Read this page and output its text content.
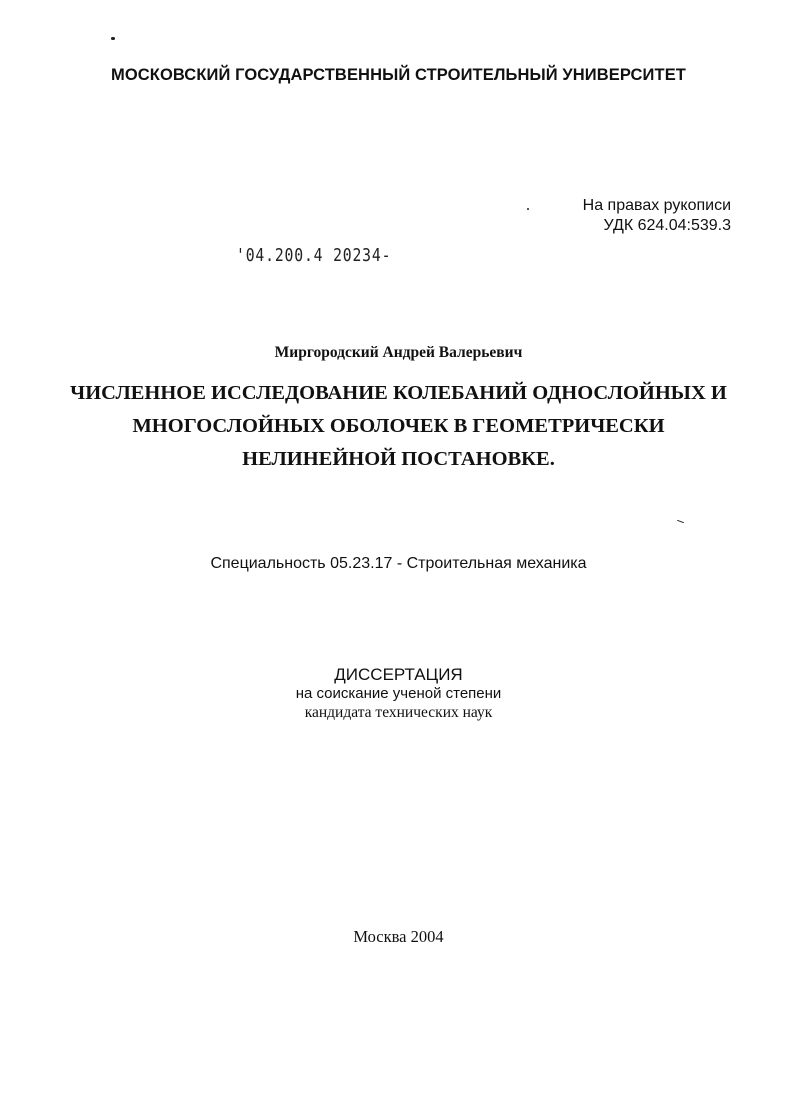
МОСКОВСКИЙ ГОСУДАРСТВЕННЫЙ СТРОИТЕЛЬНЫЙ УНИВЕРСИТЕТ
На правах рукописи
УДК 624.04:539.3
'04.200.4 20234-
Миргородский Андрей Валерьевич
ЧИСЛЕННОЕ ИССЛЕДОВАНИЕ КОЛЕБАНИЙ ОДНОСЛОЙНЫХ И
МНОГОСЛОЙНЫХ ОБОЛОЧЕК В ГЕОМЕТРИЧЕСКИ
НЕЛИНЕЙНОЙ ПОСТАНОВКЕ.
Специальность 05.23.17 - Строительная механика
ДИССЕРТАЦИЯ
на соискание ученой степени
кандидата технических наук
Москва 2004
